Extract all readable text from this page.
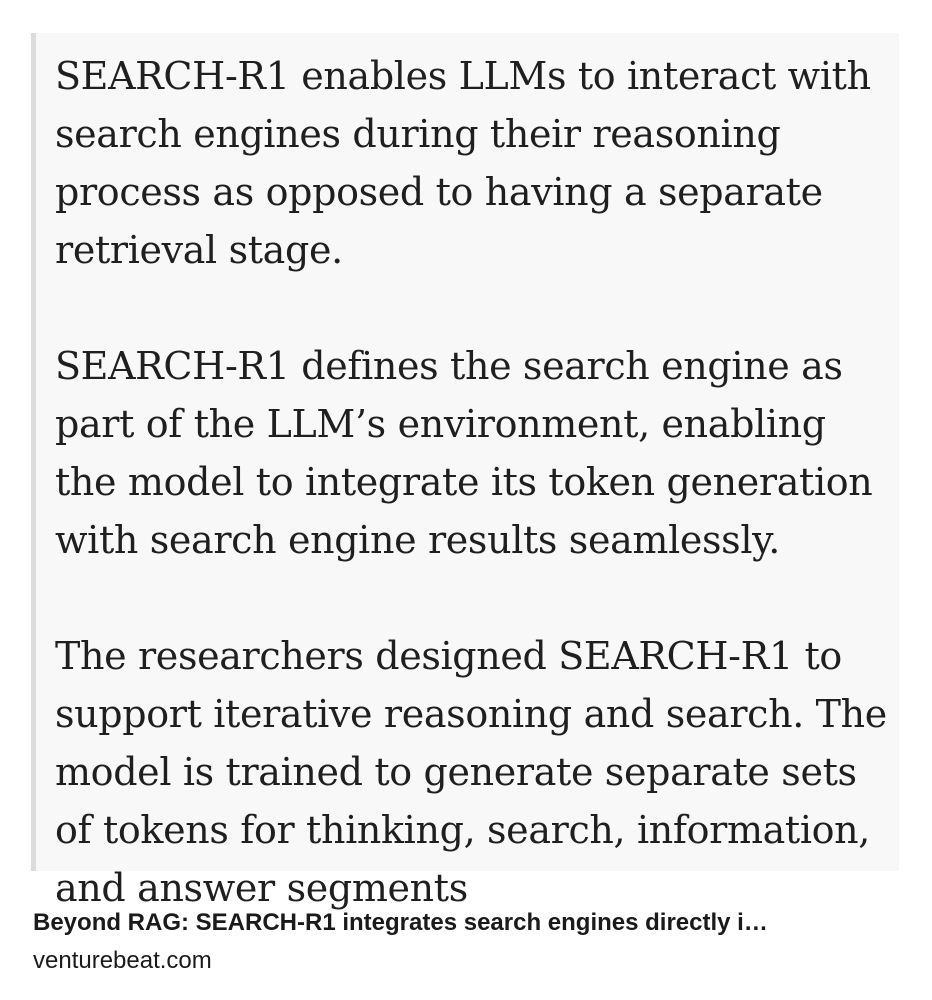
SEARCH-R1 enables LLMs to interact with search engines during their reasoning process as opposed to having a separate retrieval stage.

SEARCH-R1 defines the search engine as part of the LLM’s environment, enabling the model to integrate its token generation with search engine results seamlessly.

The researchers designed SEARCH-R1 to support iterative reasoning and search. The model is trained to generate separate sets of tokens for thinking, search, information, and answer segments

Beyond RAG: SEARCH-R1 integrates search engines directly i…
venturebeat.com
